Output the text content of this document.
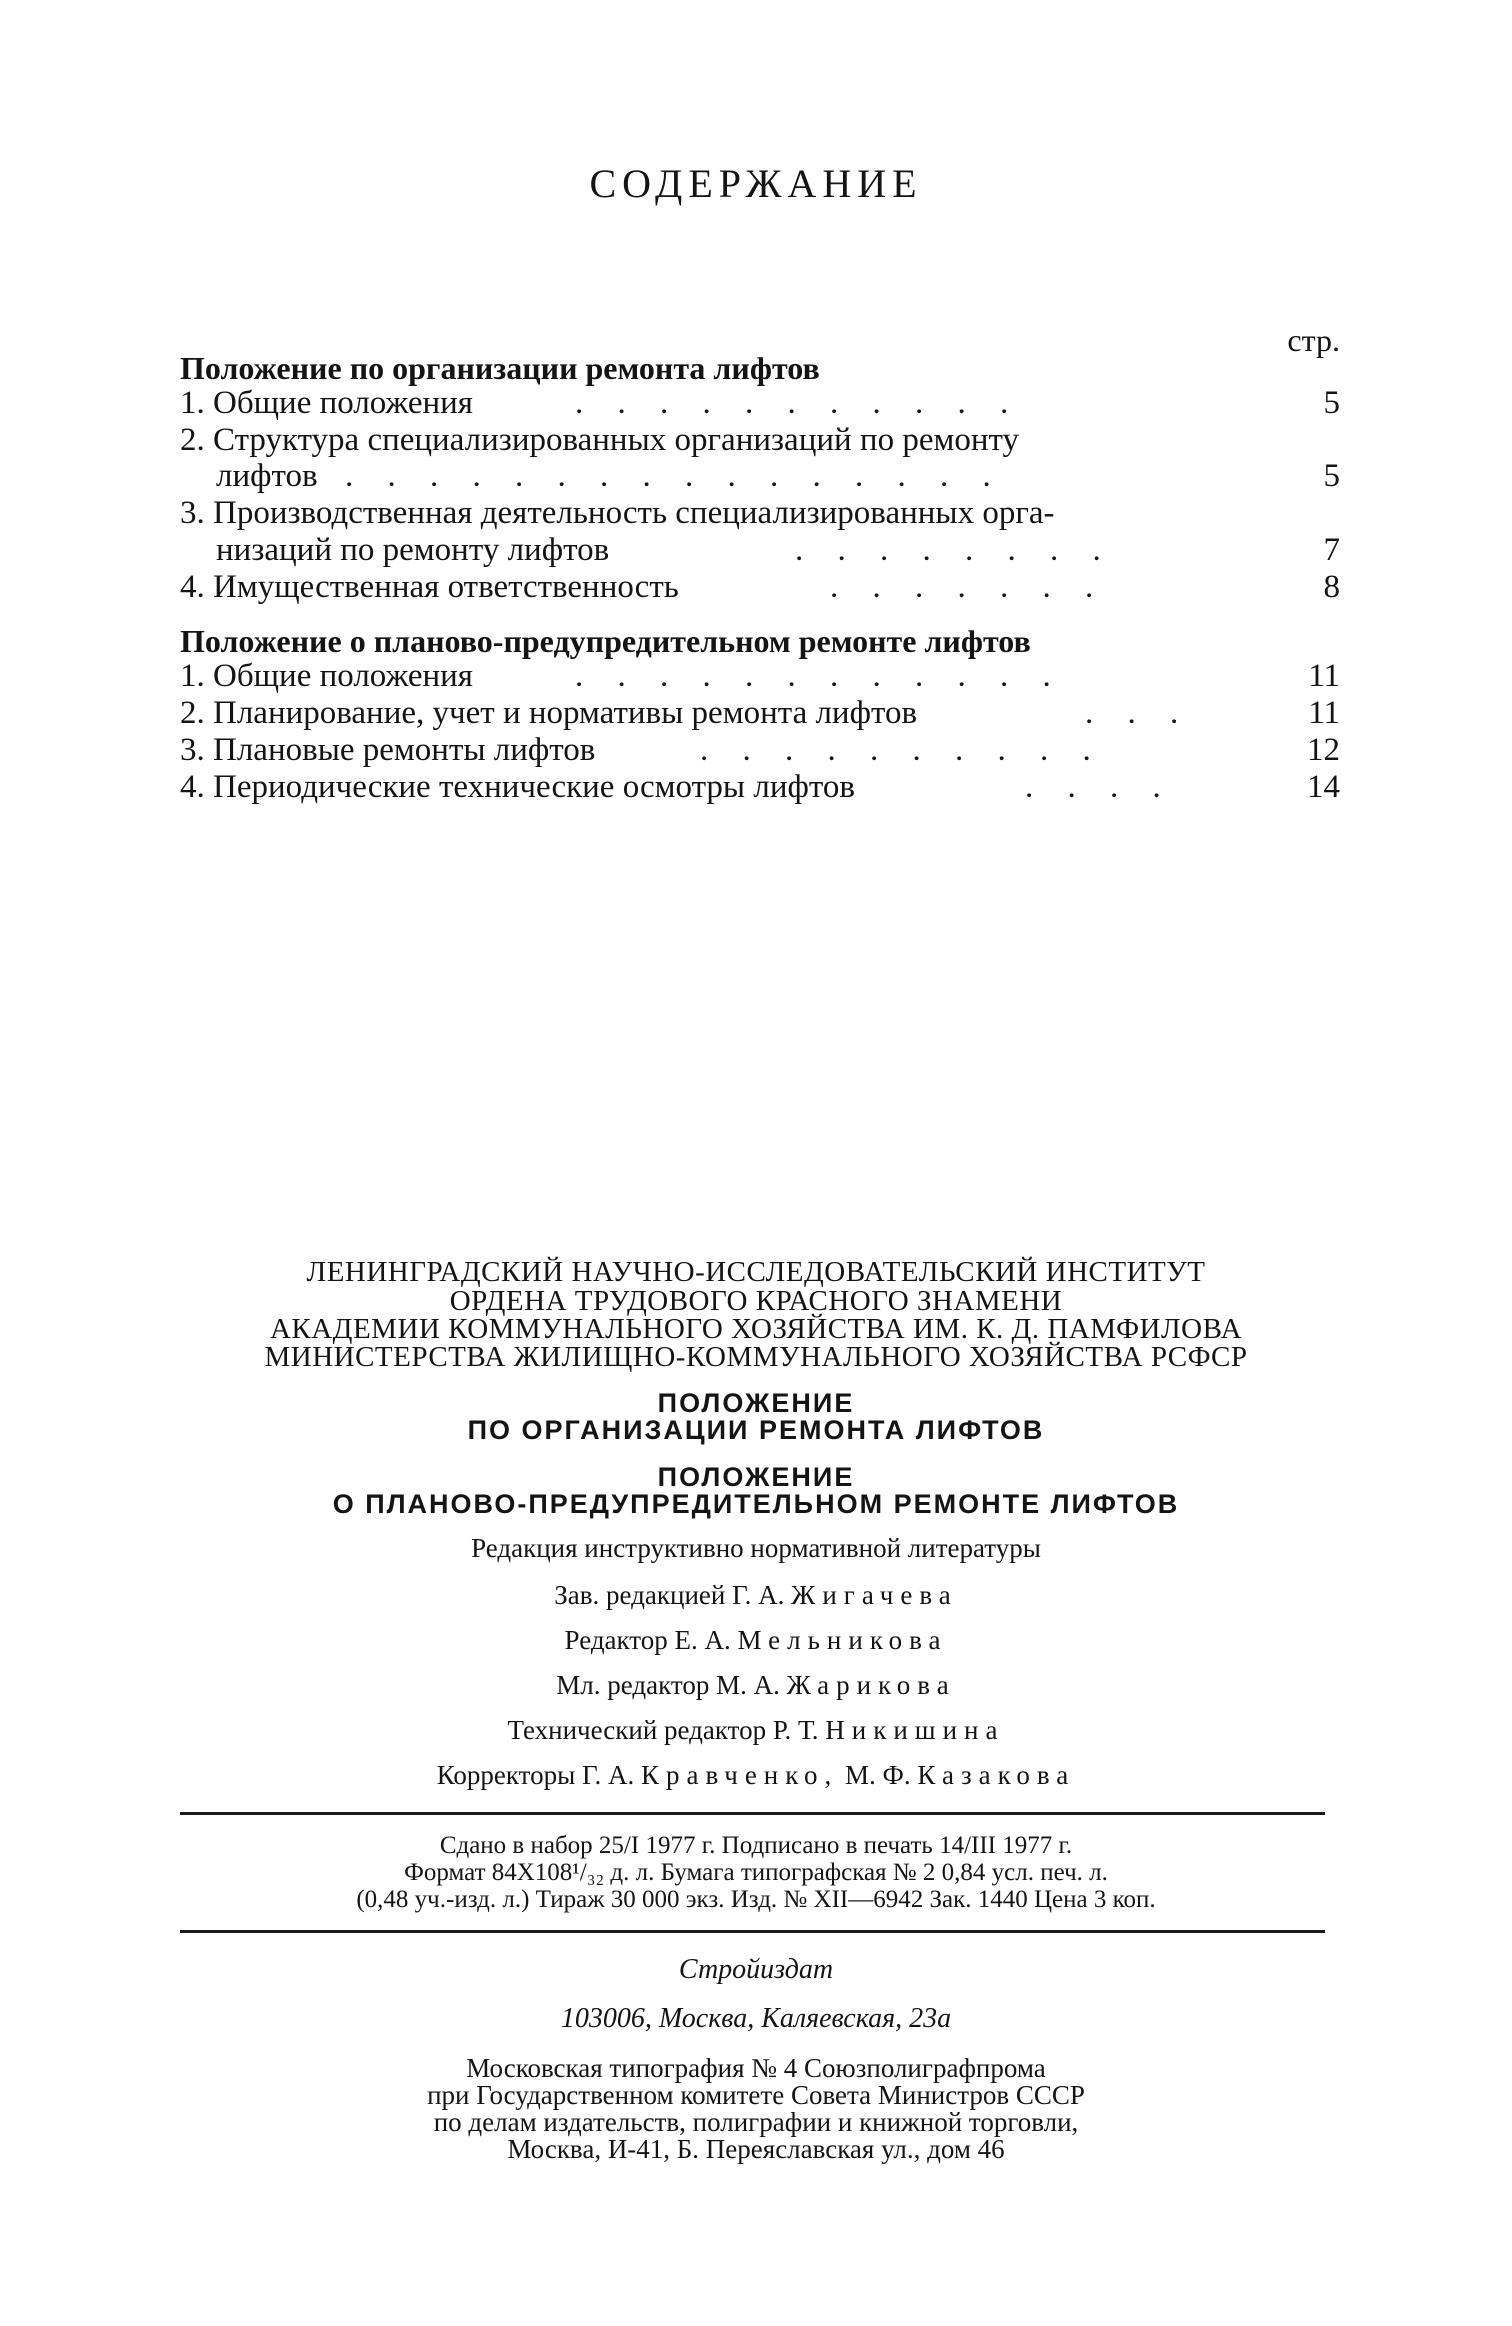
СОДЕРЖАНИЕ
стр.
Положение по организации ремонта лифтов
1. Общие положения	. . . . . . . . . . .	5
2. Структура специализированных организаций по ремонту
лифтов . . . . . . . . . . . . . . . .	5
3. Производственная деятельность специализированных орга-
низаций по ремонту лифтов	. . . . . . . .	7
4. Имущественная ответственность	. . . . . . .	8
Положение о планово-предупредительном ремонте лифтов
1. Общие положения	. . . . . . . . . . . .	11
2. Планирование, учет и нормативы ремонта лифтов	. . .	11
3. Плановые ремонты лифтов	. . . . . . . . . .	12
4. Периодические технические осмотры лифтов	. . . .	14
ЛЕНИНГРАДСКИЙ НАУЧНО-ИССЛЕДОВАТЕЛЬСКИЙ ИНСТИТУТ
ОРДЕНА ТРУДОВОГО КРАСНОГО ЗНАМЕНИ
АКАДЕМИИ КОММУНАЛЬНОГО ХОЗЯЙСТВА ИМ. К. Д. ПАМФИЛОВА
МИНИСТЕРСТВА ЖИЛИЩНО-КОММУНАЛЬНОГО ХОЗЯЙСТВА РСФСР
ПОЛОЖЕНИЕ
ПО ОРГАНИЗАЦИИ РЕМОНТА ЛИФТОВ
ПОЛОЖЕНИЕ
О ПЛАНОВО-ПРЕДУПРЕДИТЕЛЬНОМ РЕМОНТЕ ЛИФТОВ
Редакция инструктивно нормативной литературы
Зав. редакцией Г. А. Жигачева
Редактор Е. А. Мельникова
Мл. редактор М. А. Жарикова
Технический редактор Р. Т. Никишина
Корректоры Г. А. Кравченко, М. Ф. Казакова
Сдано в набор 25/I 1977 г. Подписано в печать 14/III 1977 г.
Формат 84X108¹/₃₂ д. л. Бумага типографская № 2 0,84 усл. печ. л.
(0,48 уч.-изд. л.) Тираж 30 000 экз. Изд. № XII—6942 Зак. 1440 Цена 3 коп.
Стройиздат
103006, Москва, Каляевская, 23а
Московская типография № 4 Союзполиграфпрома
при Государственном комитете Совета Министров СССР
по делам издательств, полиграфии и книжной торговли,
Москва, И-41, Б. Переяславская ул., дом 46
